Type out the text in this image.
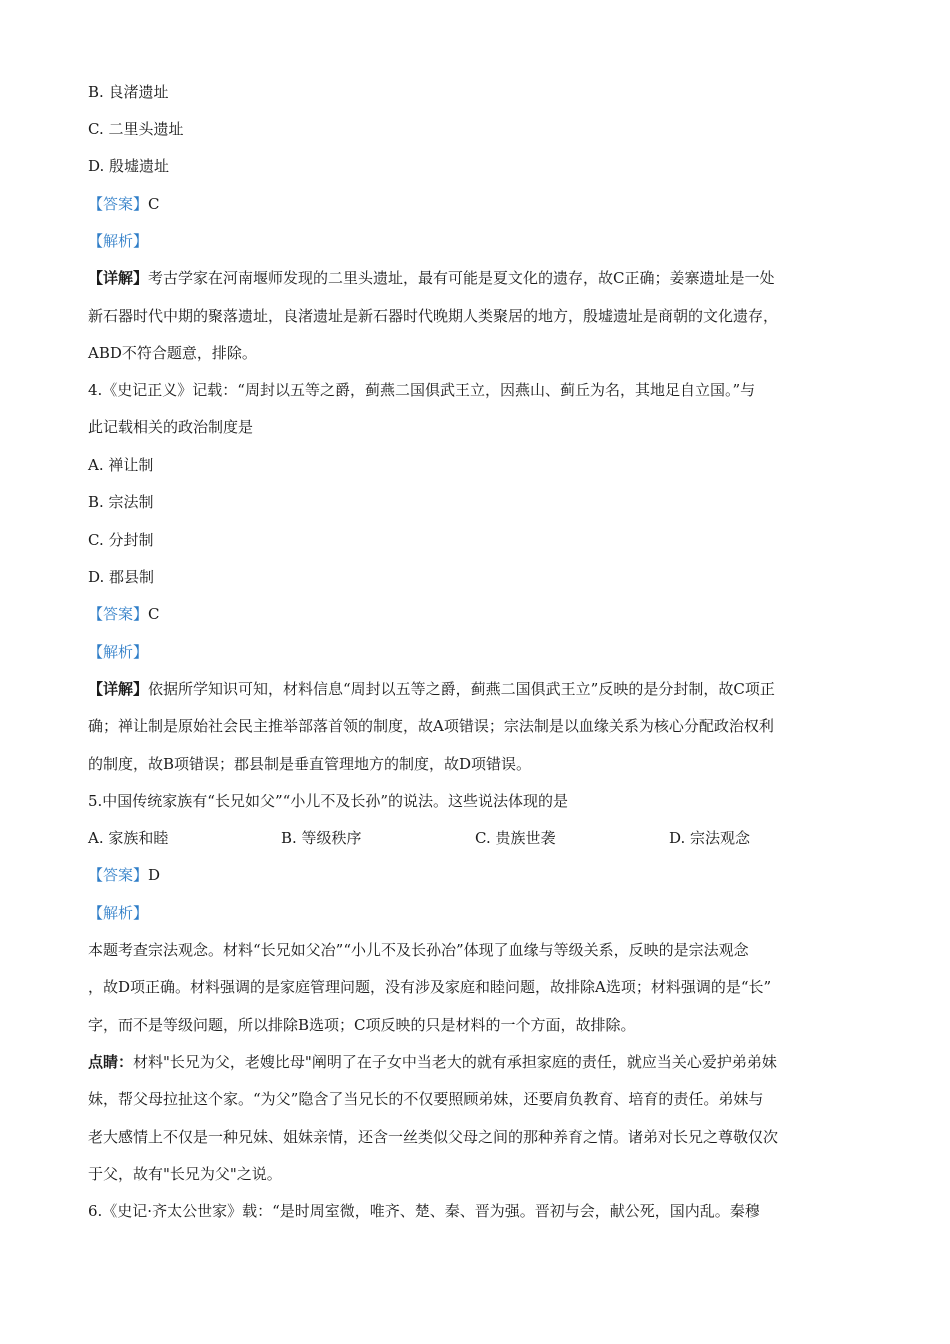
B. 良渚遗址
C. 二里头遗址
D. 殷墟遗址
【答案】C
【解析】
【详解】考古学家在河南堰师发现的二里头遗址，最有可能是夏文化的遗存，故C正确；姜寨遗址是一处
新石器时代中期的聚落遗址，良渚遗址是新石器时代晚期人类聚居的地方，殷墟遗址是商朝的文化遗存，
ABD不符合题意，排除。
4.《史记正义》记载：“周封以五等之爵，蓟燕二国俱武王立，因燕山、蓟丘为名，其地足自立国。”与
此记载相关的政治制度是
A. 禅让制
B. 宗法制
C. 分封制
D. 郡县制
【答案】C
【解析】
【详解】依据所学知识可知，材料信息“周封以五等之爵，蓟燕二国俱武王立”反映的是分封制，故C项正
确；禅让制是原始社会民主推举部落首领的制度，故A项错误；宗法制是以血缘关系为核心分配政治权利
的制度，故B项错误；郡县制是垂直管理地方的制度，故D项错误。
5.中国传统家族有“长兄如父”“小儿不及长孙”的说法。这些说法体现的是
A. 家族和睦	B. 等级秩序	C. 贵族世袭	D. 宗法观念
【答案】D
【解析】
本题考查宗法观念。材料“长兄如父冶”“小儿不及长孙冶”体现了血缘与等级关系，反映的是宗法观念
，故D项正确。材料强调的是家庭管理问题，没有涉及家庭和睦问题，故排除A选项；材料强调的是“长”
字，而不是等级问题，所以排除B选项；C项反映的只是材料的一个方面，故排除。
点睛：材料"长兄为父，老嫂比母"阐明了在子女中当老大的就有承担家庭的责任，就应当关心爱护弟弟妹
妹，帮父母拉扯这个家。“为父”隐含了当兄长的不仅要照顾弟妹，还要肩负教育、培育的责任。弟妹与
老大感情上不仅是一种兄妹、姐妹亲情，还含一丝类似父母之间的那种养育之情。诸弟对长兄之尊敬仅次
于父，故有"长兄为父"之说。
6.《史记·齐太公世家》载：“是时周室微，唯齐、楚、秦、晋为强。晋初与会，献公死，国内乱。秦穆
